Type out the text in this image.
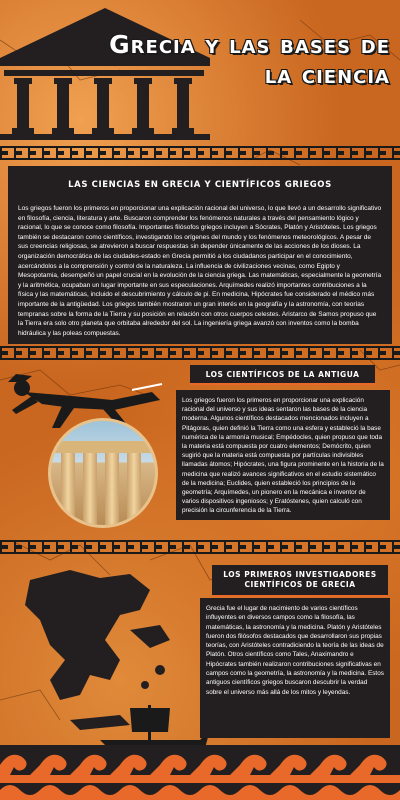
Grecia y las bases de
la ciencia
LAS CIENCIAS EN GRECIA Y CIENTÍFICOS GRIEGOS

Los griegos fueron los primeros en proporcionar una explicación racional del universo, lo que llevó a un desarrollo significativo en filosofía, ciencia, literatura y arte. Buscaron comprender los fenómenos naturales a través del pensamiento lógico y racional, lo que se conoce como filosofía. Importantes filósofos griegos incluyen a Sócrates, Platón y Aristóteles. Los griegos también se destacaron como científicos, investigando los orígenes del mundo y los fenómenos meteorológicos. A pesar de sus creencias religiosas, se atrevieron a buscar respuestas sin depender únicamente de las acciones de los dioses. La organización democrática de las ciudades-estado en Grecia permitió a los ciudadanos participar en el conocimiento, acercándolos a la comprensión y control de la naturaleza. La influencia de civilizaciones vecinas, como Egipto y Mesopotamia, desempeñó un papel crucial en la evolución de la ciencia griega. Las matemáticas, especialmente la geometría y la aritmética, ocupaban un lugar importante en sus especulaciones. Arquímedes realizó importantes contribuciones a la física y las matemáticas, incluido el descubrimiento y cálculo de pi. En medicina, Hipócrates fue considerado el médico más importante de la antigüedad. Los griegos también mostraron un gran interés en la geografía y la astronomía, con teorías tempranas sobre la forma de la Tierra y su posición en relación con otros cuerpos celestes. Aristarco de Samos propuso que la Tierra era solo otro planeta que orbitaba alrededor del sol. La ingeniería griega avanzó con inventos como la bomba hidráulica y las poleas compuestas.

LOS CIENTÍFICOS DE LA ANTIGUA

Los griegos fueron los primeros en proporcionar una explicación racional del universo y sus ideas sentaron las bases de la ciencia moderna. Algunos científicos destacados mencionados incluyen a Pitágoras, quien definió la Tierra como una esfera y estableció la base numérica de la armonía musical; Empédocles, quien propuso que toda la materia está compuesta por cuatro elementos; Demócrito, quien sugirió que la materia está compuesta por partículas indivisibles llamadas átomos; Hipócrates, una figura prominente en la historia de la medicina que realizó avances significativos en el estudio sistemático de la medicina; Euclides, quien estableció los principios de la geometría; Arquímedes, un pionero en la mecánica e inventor de varios dispositivos ingeniosos; y Eratóstenes, quien calculó con precisión la circunferencia de la Tierra.

LOS PRIMEROS INVESTIGADORES
CIENTÍFICOS DE GRECIA

Grecia fue el lugar de nacimiento de varios científicos influyentes en diversos campos como la filosofía, las matemáticas, la astronomía y la medicina. Platón y Aristóteles fueron dos filósofos destacados que desarrollaron sus propias teorías, con Aristóteles contradiciendo la teoría de las ideas de Platón. Otros científicos como Tales, Anaximandro e Hipócrates también realizaron contribuciones significativas en campos como la geometría, la astronomía y la medicina. Estos antiguos científicos griegos buscaron descubrir la verdad sobre el universo más allá de los mitos y leyendas.
